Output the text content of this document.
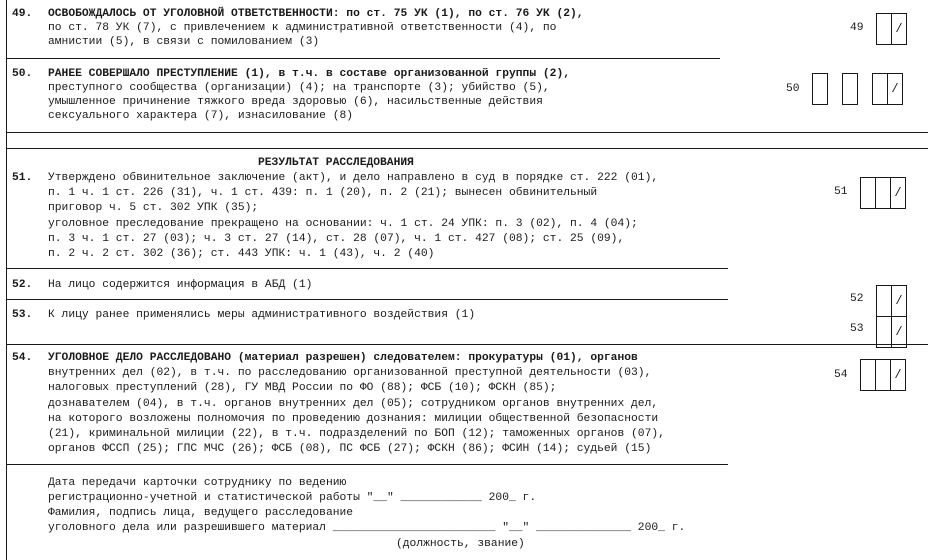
49. ОСВОБОЖДАЛОСЬ ОТ УГОЛОВНОЙ ОТВЕТСТВЕННОСТИ: по ст. 75 УК (1), по ст. 76 УК (2),
по ст. 78 УК (7), с привлечением к административной ответственности (4), по
амнистии (5), в связи с помилованием (3)
49	/
50. РАНЕЕ СОВЕРШАЛО ПРЕСТУПЛЕНИЕ (1), в т.ч. в составе организованной группы (2),
преступного сообщества (организации) (4); на транспорте (3); убийство (5),
умышленное причинение тяжкого вреда здоровью (6), насильственные действия
сексуального характера (7), изнасилование (8)
50	/
РЕЗУЛЬТАТ РАССЛЕДОВАНИЯ
51. Утверждено обвинительное заключение (акт), и дело направлено в суд в порядке ст. 222 (01),
п. 1 ч. 1 ст. 226 (31), ч. 1 ст. 439: п. 1 (20), п. 2 (21); вынесен обвинительный
приговор ч. 5 ст. 302 УПК (35);
уголовное преследование прекращено на основании: ч. 1 ст. 24 УПК: п. 3 (02), п. 4 (04);
п. 3 ч. 1 ст. 27 (03); ч. 3 ст. 27 (14), ст. 28 (07), ч. 1 ст. 427 (08); ст. 25 (09),
п. 2 ч. 2 ст. 302 (36); ст. 443 УПК: ч. 1 (43), ч. 2 (40)
51	/
52. На лицо содержится информация в АБД (1)
52	/
53. К лицу ранее применялись меры административного воздействия (1)
53	/
54. УГОЛОВНОЕ ДЕЛО РАССЛЕДОВАНО (материал разрешен) следователем: прокуратуры (01), органов
внутренних дел (02), в т.ч. по расследованию организованной преступной деятельности (03),
налоговых преступлений (28), ГУ МВД России по ФО (88); ФСБ (10); ФСКН (85);
дознавателем (04), в т.ч. органов внутренних дел (05); сотрудником органов внутренних дел,
на которого возложены полномочия по проведению дознания: милиции общественной безопасности
(21), криминальной милиции (22), в т.ч. подразделений по БОП (12); таможенных органов (07),
органов ФССП (25); ГПС МЧС (26); ФСБ (08), ПС ФСБ (27); ФСКН (86); ФСИН (14); судьей (15)
54	/
Дата передачи карточки сотруднику по ведению
регистрационно-учетной и статистической работы "__" ____________ 200_ г.
Фамилия, подпись лица, ведущего расследование
уголовного дела или разрешившего материал ________________________ "__" ______________ 200_ г.
(должность, звание)
